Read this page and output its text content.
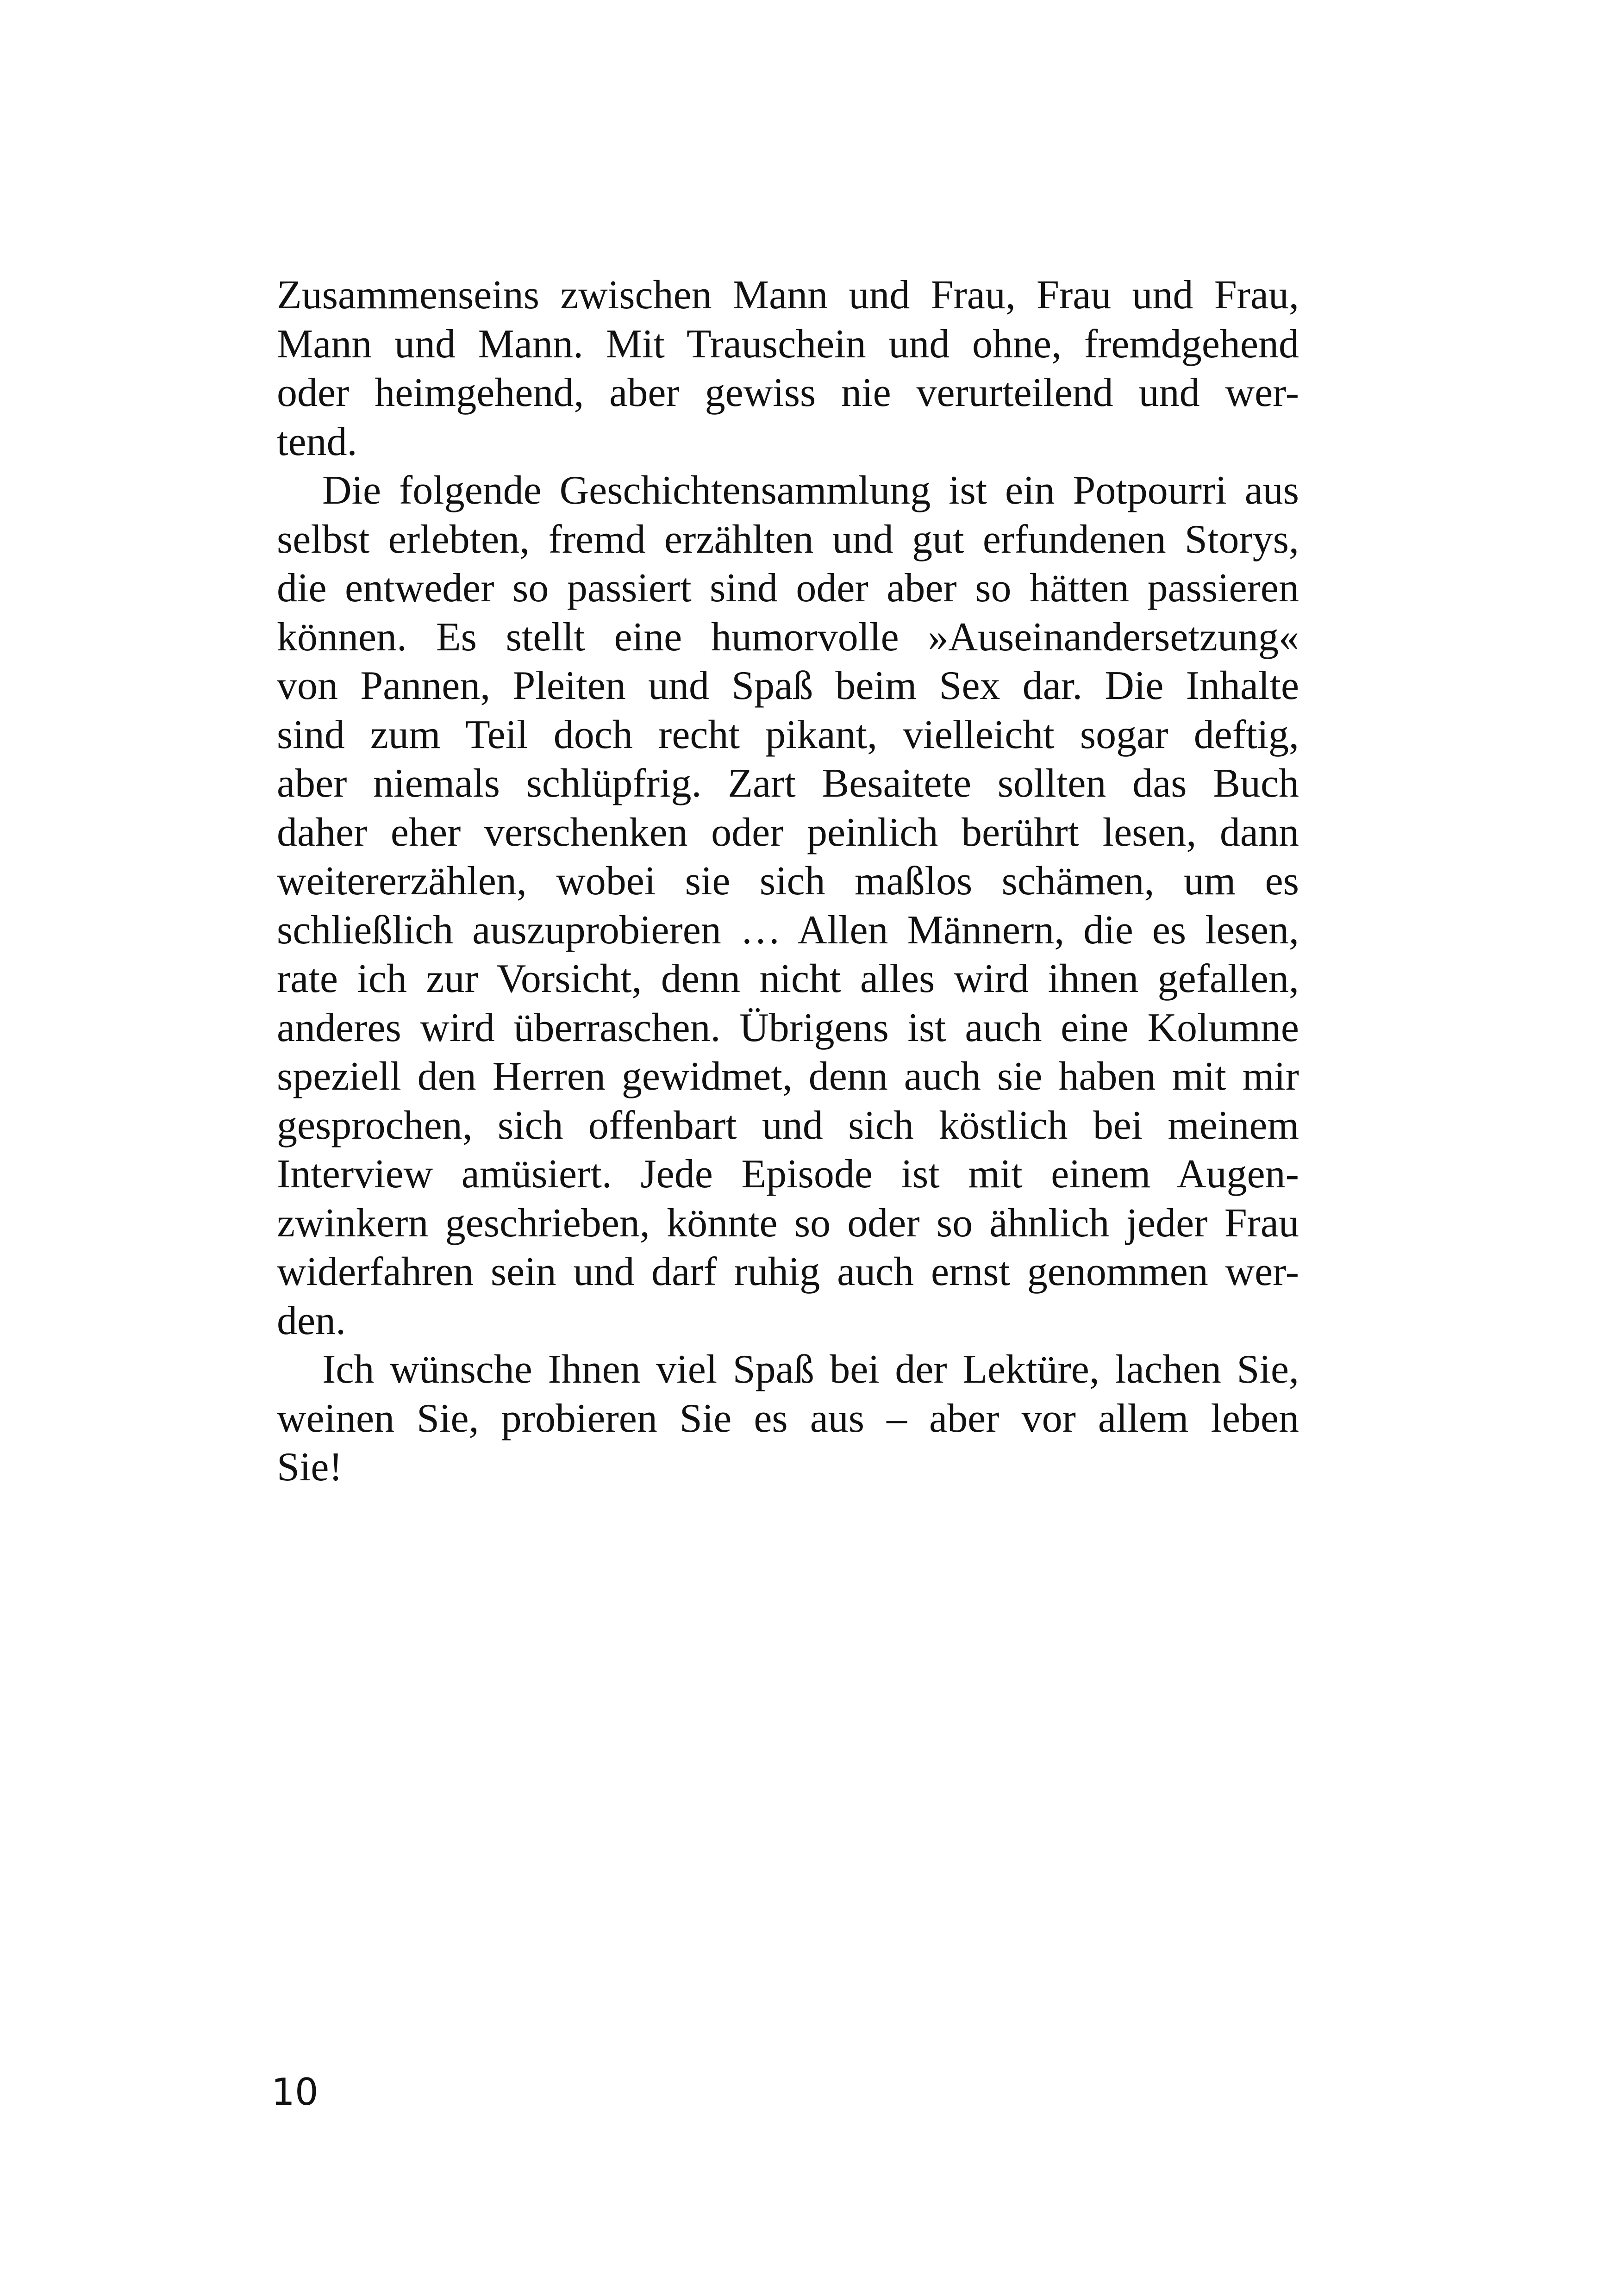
Zusammenseins zwischen Mann und Frau, Frau und Frau,
Mann und Mann. Mit Trauschein und ohne, fremdgehend
oder heimgehend, aber gewiss nie verurteilend und wer-
tend.
Die folgende Geschichtensammlung ist ein Potpourri aus
selbst erlebten, fremd erzählten und gut erfundenen Storys,
die entweder so passiert sind oder aber so hätten passieren
können. Es stellt eine humorvolle »Auseinandersetzung«
von Pannen, Pleiten und Spaß beim Sex dar. Die Inhalte
sind zum Teil doch recht pikant, vielleicht sogar deftig,
aber niemals schlüpfrig. Zart Besaitete sollten das Buch
daher eher verschenken oder peinlich berührt lesen, dann
weitererzählen, wobei sie sich maßlos schämen, um es
schließlich auszuprobieren … Allen Männern, die es lesen,
rate ich zur Vorsicht, denn nicht alles wird ihnen gefallen,
anderes wird überraschen. Übrigens ist auch eine Kolumne
speziell den Herren gewidmet, denn auch sie haben mit mir
gesprochen, sich offenbart und sich köstlich bei meinem
Interview amüsiert. Jede Episode ist mit einem Augen-
zwinkern geschrieben, könnte so oder so ähnlich jeder Frau
widerfahren sein und darf ruhig auch ernst genommen wer-
den.
Ich wünsche Ihnen viel Spaß bei der Lektüre, lachen Sie,
weinen Sie, probieren Sie es aus – aber vor allem leben
Sie!
10
